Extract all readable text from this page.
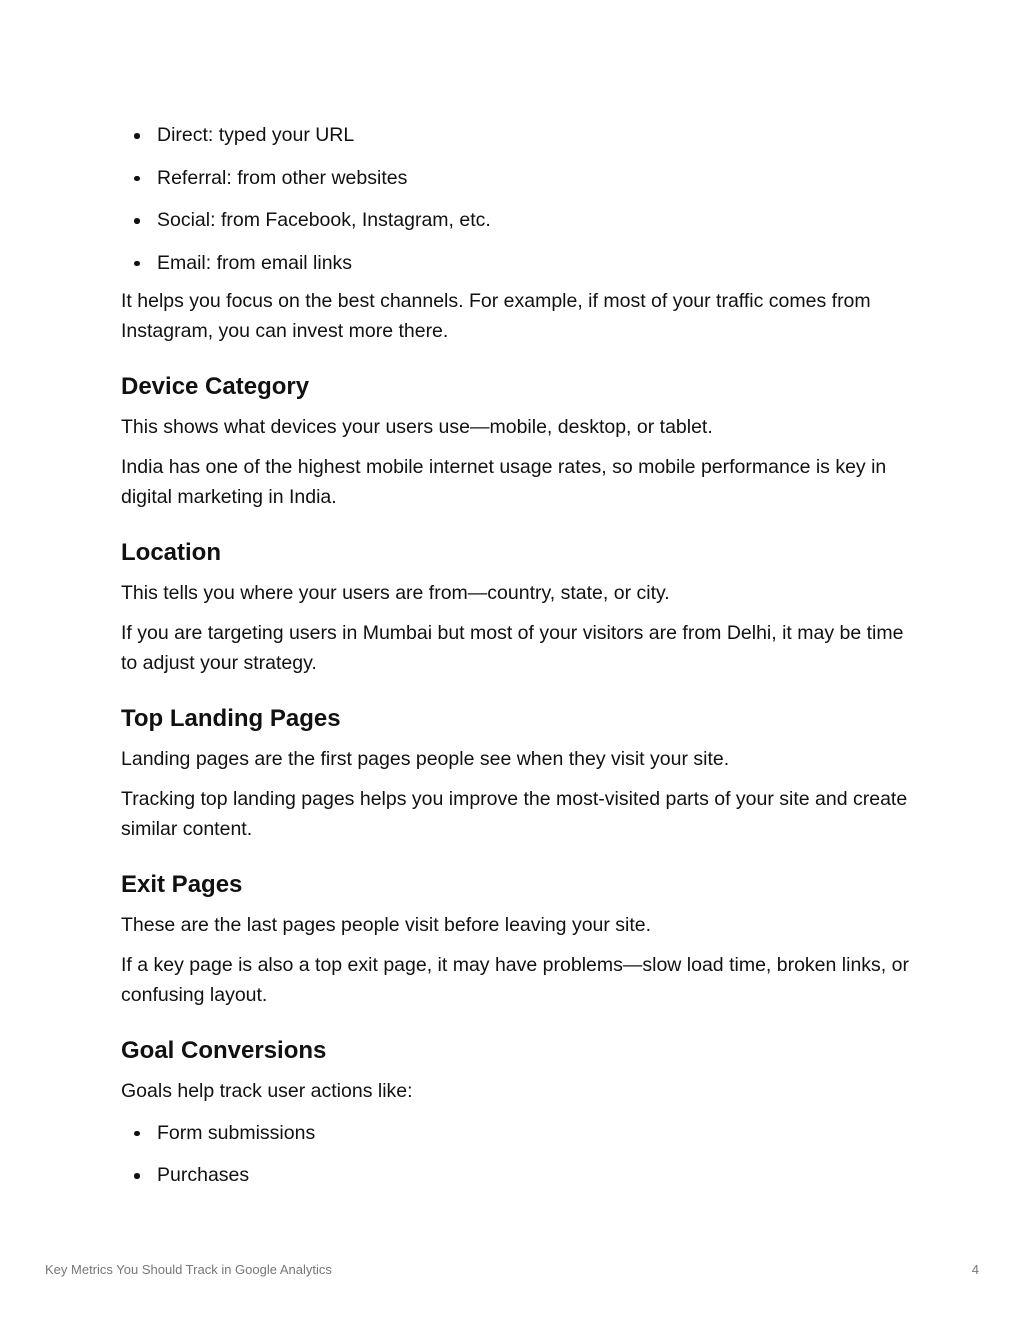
Direct: typed your URL
Referral: from other websites
Social: from Facebook, Instagram, etc.
Email: from email links

It helps you focus on the best channels. For example, if most of your traffic comes from Instagram, you can invest more there.

Device Category

This shows what devices your users use—mobile, desktop, or tablet.

India has one of the highest mobile internet usage rates, so mobile performance is key in digital marketing in India.

Location

This tells you where your users are from—country, state, or city.

If you are targeting users in Mumbai but most of your visitors are from Delhi, it may be time to adjust your strategy.

Top Landing Pages

Landing pages are the first pages people see when they visit your site.

Tracking top landing pages helps you improve the most-visited parts of your site and create similar content.

Exit Pages

These are the last pages people visit before leaving your site.

If a key page is also a top exit page, it may have problems—slow load time, broken links, or confusing layout.

Goal Conversions

Goals help track user actions like:

Form submissions
Purchases
Key Metrics You Should Track in Google Analytics	4
